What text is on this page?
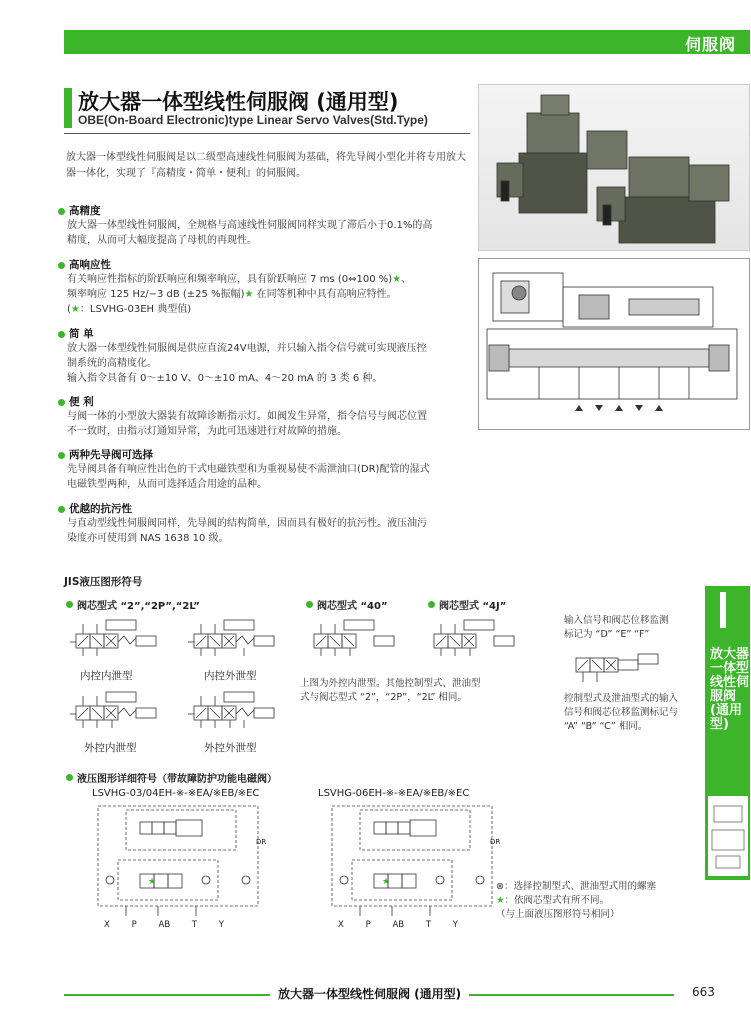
伺服阀
放大器一体型线性伺服阀 (通用型)
OBE(On-Board Electronic)type Linear Servo Valves(Std.Type)

放大器一体型线性伺服阀是以二级型高速线性伺服阀为基础，将先导阀小型化并将专用放大器一体化，实现了『高精度・简单・便利』的伺服阀。

高精度

放大器一体型线性伺服阀，全规格与高速线性伺服阀同样实现了滞后小于0.1%的高

精度，从而可大幅度提高了母机的再现性。

高响应性

有关响应性指标的阶跃响应和频率响应，具有阶跃响应 7 ms (0⇔100 %)★、

频率响应 125 Hz/−3 dB (±25 %振幅)★ 在同等机种中具有高响应特性。

(★：LSVHG-03EH 典型值)

简 单

放大器一体型线性伺服阀是供应直流24V电源，并只输入指令信号就可实现液压控

制系统的高精度化。

输入指令具备有 0～±10 V、0～±10 mA、4～20 mA 的 3 类 6 种。

便 利

与阀一体的小型放大器装有故障诊断指示灯。如阀发生异常，指令信号与阀芯位置

不一致时，由指示灯通知异常，为此可迅速进行对故障的措施。

两种先导阀可选择

先导阀具备有响应性出色的干式电磁铁型和为重视易使不需泄油口(DR)配管的湿式

电磁铁型两种，从而可选择适合用途的品种。

优越的抗污性

与直动型线性伺服阀同样，先导阀的结构简单，因而具有极好的抗污性。液压油污

染度亦可使用到 NAS 1638 10 级。

JIS液压图形符号
阀芯型式 “2”,“2P”,“2L”	阀芯型式 “40”	阀芯型式 “4J”
内控内泄型	内控外泄型
外控内泄型	外控外泄型
上图为外控内泄型。其他控制型式、泄油型
式与阀芯型式 “2”，“2P”，“2L” 相同。
输入信号和阀芯位移监测
标记为 “D” “E” “F”
控制型式及泄油型式的输入
信号和阀芯位移监测标记与
“A” “B” “C” 相同。
液压图形详细符号（带故障防护功能电磁阀）
LSVHG-03/04EH-※-※EA/※EB/※EC	LSVHG-06EH-※-※EA/※EB/※EC
★
DR
X	P	AB	T	Y
★
DR
X	P	AB	T	Y
⊗：选择控制型式、泄油型式用的螺塞
★：依阀芯型式有所不同。
（与上面液压图形符号相同）
放大器
一体型
线性伺
服阀
(通用
型)
放大器一体型线性伺服阀 (通用型)	663
